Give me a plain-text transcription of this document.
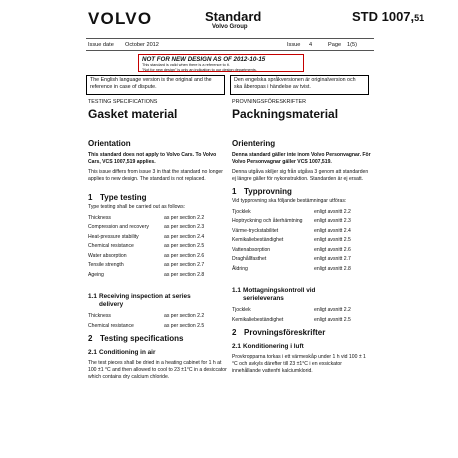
VOLVO	Standard
Volvo Group
STD 1007,51
Issue date October 2012	Issue 4	Page 1(5)
NOT FOR NEW DESIGN AS OF 2012-10-15
This standard is valid when there is a reference to it.
"Not for new design" is only an indication to our design departments.
The English language version is the original and the reference in case of dispute.
Den engelska språkversionen är originalversion och ska åberopas i händelse av tvist.
TESTING SPECIFICATIONS
Gasket material
Orientation
This standard does not apply to Volvo Cars. To Volvo Cars, VCS 1007,519 applies.
This issue differs from issue 3 in that the standard no longer applies to new design. The standard is not replaced.
1 Type testing
Type testing shall be carried out as follows:
Thickness	as per section 2.2
Compression and recovery	as per section 2.3
Heat-pressure stability	as per section 2.4
Chemical resistance	as per section 2.5
Water absorption	as per section 2.6
Tensile strength	as per section 2.7
Ageing	as per section 2.8
1.1 Receiving inspection at series
delivery
Thickness	as per section 2.2
Chemical resistance	as per section 2.5
2 Testing specifications
2.1 Conditioning in air
The test pieces shall be dried in a heating cabinet for 1 h at 100 ±1 °C and then allowed to cool to 23 ±1°C in a desiccator which contains dry calcium chloride.
PROVNINGSFÖRESKRIFTER
Packningsmaterial
Orientering
Denna standard gäller inte inom Volvo Personvagnar. För Volvo Personvagnar gäller VCS 1007,519.
Denna utgåva skiljer sig från utgåva 3 genom att standarden ej längre gäller för nykonstruktion. Standarden är ej ersatt.
1 Typprovning
Vid typprovning ska följande bestämningar utföras:
Tjocklek	enligt avsnitt 2.2
Hoptryckning och återhämtning	enligt avsnitt 2.3
Värme-tryckstabilitet	enligt avsnitt 2.4
Kemikaliebeständighet	enligt avsnitt 2.5
Vattenabsorption	enligt avsnitt 2.6
Draghållfasthet	enligt avsnitt 2.7
Åldring	enligt avsnitt 2.8
1.1 Mottagningskontroll vid
serieleverans
Tjocklek	enligt avsnitt 2.2
Kemikaliebeständighet	enligt avsnitt 2.5
2 Provningsföreskrifter
2.1 Konditionering i luft
Provkropparna torkas i ett värmeskåp under 1 h vid 100 ± 1 °C och avkyls därefter till 23 ±1°C i en exsickator innehållande vattenfri kalciumklorid.
